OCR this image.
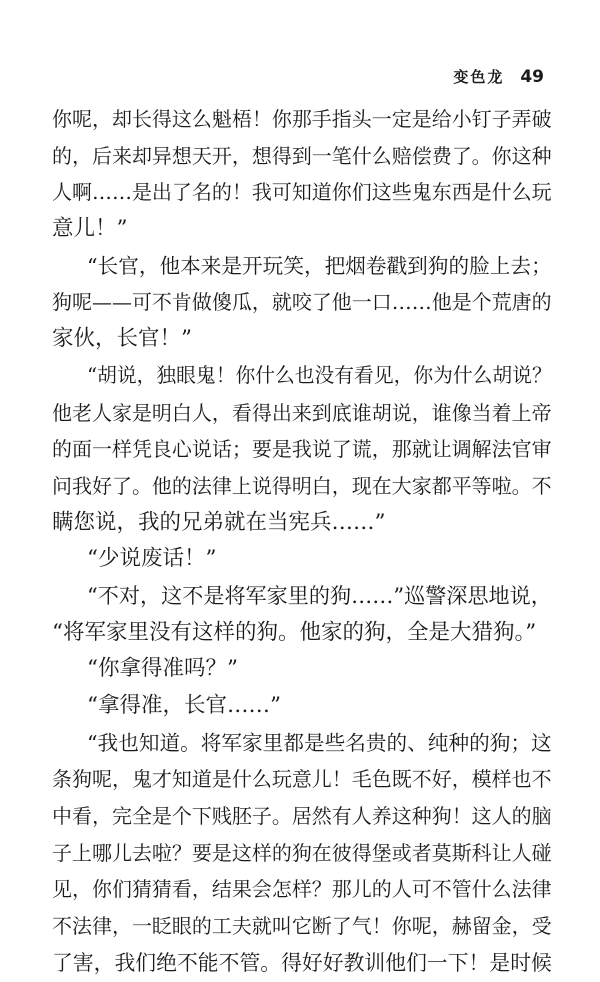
变色龙 49
你呢，却长得这么魁梧！你那手指头一定是给小钉子弄破
的，后来却异想天开，想得到一笔什么赔偿费了。你这种
人啊……是出了名的！我可知道你们这些鬼东西是什么玩
意儿！”
“长官，他本来是开玩笑，把烟卷戳到狗的脸上去；
狗呢——可不肯做傻瓜，就咬了他一口……他是个荒唐的
家伙，长官！”
“胡说，独眼鬼！你什么也没有看见，你为什么胡说？
他老人家是明白人，看得出来到底谁胡说，谁像当着上帝
的面一样凭良心说话；要是我说了谎，那就让调解法官审
问我好了。他的法律上说得明白，现在大家都平等啦。不
瞒您说，我的兄弟就在当宪兵……”
“少说废话！”
“不对，这不是将军家里的狗……”巡警深思地说，
“将军家里没有这样的狗。他家的狗，全是大猎狗。”
“你拿得准吗？”
“拿得准，长官……”
“我也知道。将军家里都是些名贵的、纯种的狗；这
条狗呢，鬼才知道是什么玩意儿！毛色既不好，模样也不
中看，完全是个下贱胚子。居然有人养这种狗！这人的脑
子上哪儿去啦？要是这样的狗在彼得堡或者莫斯科让人碰
见，你们猜猜看，结果会怎样？那儿的人可不管什么法律
不法律，一眨眼的工夫就叫它断了气！你呢，赫留金，受
了害，我们绝不能不管。得好好教训他们一下！是时候
